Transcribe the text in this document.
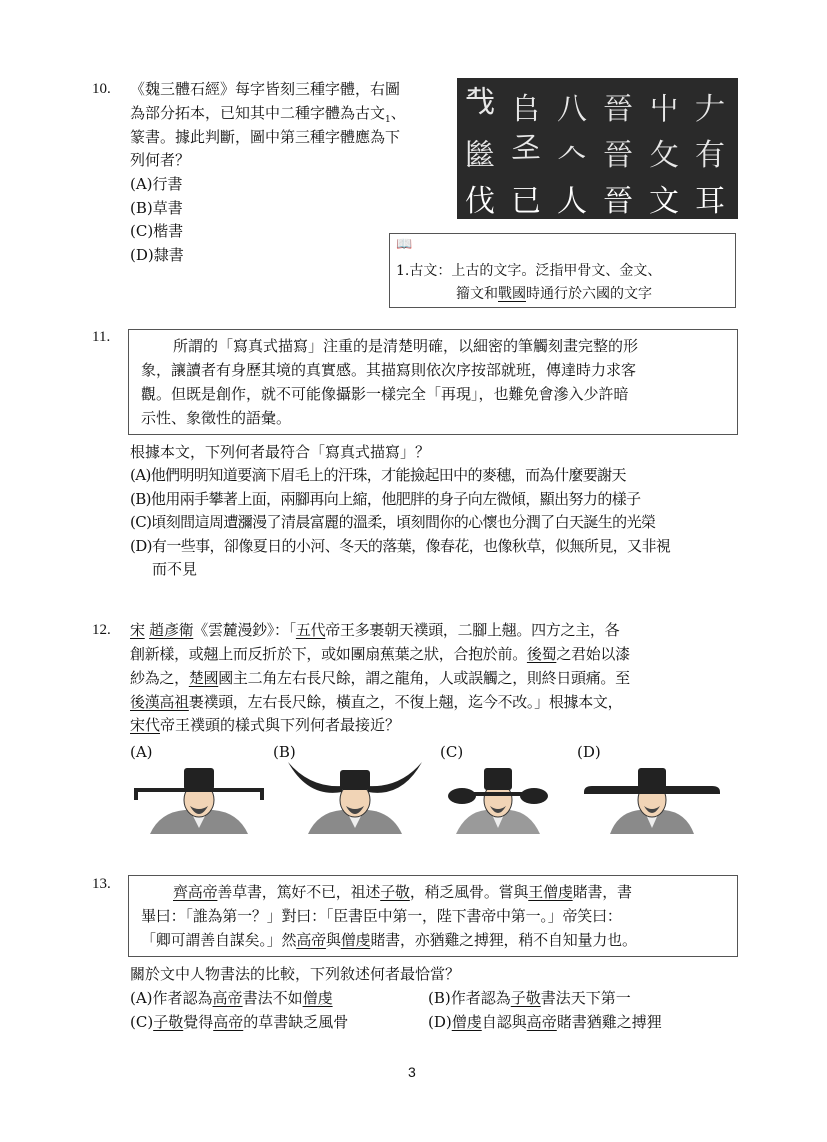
10. 《魏三體石經》每字皆刻三種字體，右圖
為部分拓本，已知其中二種字體為古文$_1$、
篆書。據此判斷，圖中第三種字體應為下
列何者？
(A)行書
(B)草書
(C)楷書
(D)隸書
𢦔 𠂤 八 晉 屮 𠂇
㡭 𢀖 𠆢 晉 攵 有
伐 已 人 晉 文 耳
📖
1.古文：上古的文字。泛指甲骨文、金文、
籀文和戰國時通行於六國的文字
11.	所謂的「寫真式描寫」注重的是清楚明確，以細密的筆觸刻畫完整的形
象，讓讀者有身歷其境的真實感。其描寫則依次序按部就班，傳達時力求客
觀。但既是創作，就不可能像攝影一樣完全「再現」，也難免會滲入少許暗
示性、象徵性的語彙。
根據本文，下列何者最符合「寫真式描寫」？
(A)他們明明知道要滴下眉毛上的汗珠，才能撿起田中的麥穗，而為什麼要謝天
(B)他用兩手攀著上面，兩腳再向上縮，他肥胖的身子向左微傾，顯出努力的樣子
(C)頃刻間這周遭瀰漫了清晨富麗的溫柔，頃刻間你的心懷也分潤了白天誕生的光榮
(D)有一些事，卻像夏日的小河、冬天的落葉，像春花，也像秋草，似無所見，又非視
而不見
12. 宋 趙彥衛《雲麓漫鈔》：「五代帝王多裹朝天襆頭，二腳上翹。四方之主，各
創新樣，或翹上而反折於下，或如團扇蕉葉之狀，合抱於前。後蜀之君始以漆
紗為之，楚國國主二角左右長尺餘，謂之龍角，人或誤觸之，則終日頭痛。至
後漢高祖裹襆頭，左右長尺餘，橫直之，不復上翹，迄今不改。」根據本文，
宋代帝王襆頭的樣式與下列何者最接近？
(A)	(B)	(C)	(D)
13.	齊高帝善草書，篤好不已，祖述子敬，稍乏風骨。嘗與王僧虔賭書，書
畢曰：「誰為第一？」對曰：「臣書臣中第一，陛下書帝中第一。」帝笑曰：
「卿可謂善自謀矣。」然高帝與僧虔賭書，亦猶雞之搏狸，稍不自知量力也。
關於文中人物書法的比較，下列敘述何者最恰當？
(A)作者認為高帝書法不如僧虔	(B)作者認為子敬書法天下第一
(C)子敬覺得高帝的草書缺乏風骨	(D)僧虔自認與高帝賭書猶雞之搏狸
3
